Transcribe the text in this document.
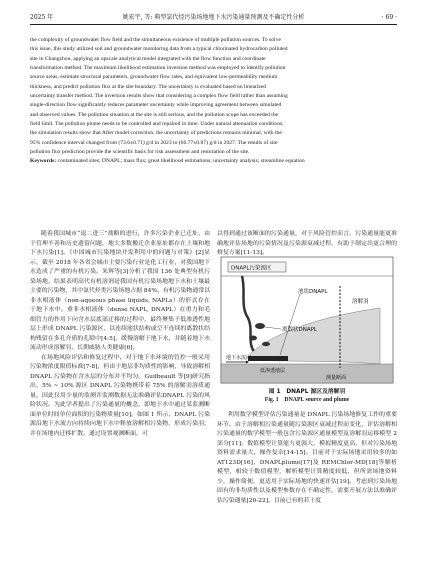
2025 年	姚宏宇, 等: 典型氯代烃污染场地地下水污染通量预测及不确定性分析	· 69 ·

the complexity of groundwater flow field and the simultaneous existence of multiple pollution sources. To solve

this issue, this study utilized soil and groundwater monitoring data from a typical chlorinated hydrocarbon polluted

site in Changzhou, applying an upscale analytical model integrated with the flow function and coordinate

transformation method. The maximum likelihood estimation inversion method was employed to identify pollution

source areas, estimate structural parameters, groundwater flow rates, and equivalent low-permeability medium

thickness, and predict pollution flux at the site boundary. The uncertainty is evaluated based on linearized

uncertainty transfer method. The inversion results show that considering a complex flow field rather than assuming

single-direction flow significantly reduces parameter uncertainty while improving agreement between simulated

and observed values. The pollution situation at the site is still serious, and the pollution scope has exceeded the

field limit. The pollution plume needs to be controlled and repaired in time. Under natural attenuation conditions,

the simulation results show that After model correction, the uncertainty of predictions remains minimal, with the

95% confidence interval changed from (73.6±0.71) g/d in 2023 to (66.77±0.87) g/d in 2027. The results of site

pollution flux prediction provide the scientific basis for risk assessment and restoration of the site.

Keywords: contaminated sites; DNAPL; mass flux; great likelihood estimations; uncertainty analysis; streamline equation

随着我国城市“退二进三”战略的进行，许多污染企业已迁址，由于管理不善和历史遗留问题，地大多数搬迁企业原址都存在土壤和地下水污染[1]。《中国城市污染地块开发利用中的问题与对策》[2]显示，截至 2018 年各省会城市主要污染行业是化工行业，对我国地下水造成了严重的有机污染。朱辉等[3]分析了我国 136 处典型有机污染场地，结果表明高代有机溶剂是我国有机污染场地地下水和土壤最主要的污染物，其中氯代烃类污染场地占据 84%。有机污染物通常以非水相液体（non-aqueous phase liquids, NAPLs）的形式存在于地下水中。重非水相液体（dense NAPL, DNAPL）在重力和毛细管力的作用下向含水层底部迁移的过程中，最终聚集于低渗透性地层上形成 DNAPL 污染源区，以连续池状结构或呈不连续的离散状结构残留在多孔介质的孔隙中[4-5]，缓慢溶解于地下水，并随着地下水流动形成溶解羽，长期威胁人类健康[6]。

在场地风险评估和修复过程中，对于地下水环境的管控一般采用污染物浓度限值标准[7-8]，但由于地层非均质性的影响，导致溶解相 DNAPL 污染物在含水层的分布并不均匀。Guilbeault 等[9]研究指出，5% ~ 10% 源区 DNAPL 污染物携带着 75% 的溶解羽溶质通量。因此仅用少量的监测井监测数据无法准确评估DNAPL 污染的风险状况。为此学者提出了污染通量的概念，即地下水中通过某监测断面单位时间单位面积的污染物质量[10]。如图 1 所示，DNAPL 污染源沿地下水流方向持续向地下水中释放溶解相污染物，形成污染羽，并在场地内迁移扩散。通过设置观测断面，可

以得到通过该断面的污染通量，对于风险管控而言，污染通量能更准确地评估场地的污染情况及污染源衰减过程，有助于制定出更合理的修复方案[11-13]。

DNAPL污染源区
池状DNAPL
溶解羽
离散状DNAPL
地下水流向
低渗透地层
测量断面
图 1　DNAPL 源区及溶解羽
Fig. 1　DNAPL source and plume

利用数学模型评估污染通量是 DNAPL 污染场地修复工作的重要环节。由于溶解相污染通量随污染源区衰减过程而变化，评估溶解相污染通量的数学模型一般包含污染源区通量模型及溶解羽运移模型 2 部分[11]。数值模型计算能力更强大，模拟精度更高，但对污染场地资料需求量大，操作复杂[14-15]。目前对于实际场地采用较多的如 AT123D[16]、DNAPLplume[17]及 REMChlor-MD[18]等解析模型，相较于数值模型，解析模型计算精度较低，但所需场地资料少，操作简便，更适用于实际场地的快速评估[19]。考虑到污染场地固有的非均质性以及模型参数存在不确定性，需要开展方法以准确评估污染通量[20-22]。目前已有的若干度
